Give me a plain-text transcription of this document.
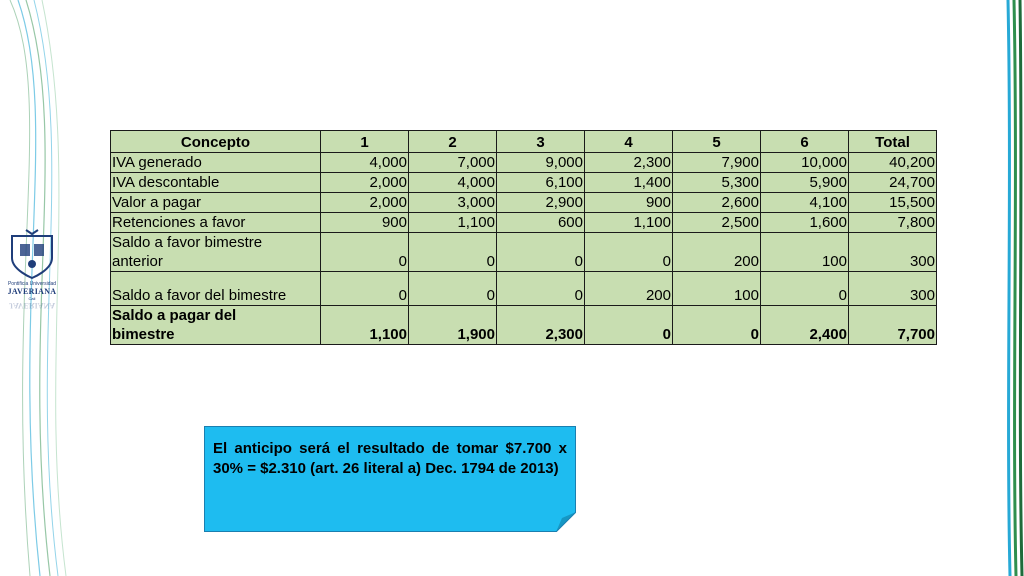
Pontificia Universidad
JAVERIANA
Cali
JAVERIANA
Concepto	1	2	3	4	5	6	Total
IVA generado	4,000	7,000	9,000	2,300	7,900	10,000	40,200
IVA descontable	2,000	4,000	6,100	1,400	5,300	5,900	24,700
Valor a pagar	2,000	3,000	2,900	900	2,600	4,100	15,500
Retenciones a favor	900	1,100	600	1,100	2,500	1,600	7,800
Saldo a favor bimestre
anterior	0	0	0	0	200	100	300
Saldo a favor del bimestre	0	0	0	200	100	0	300
Saldo a pagar del
bimestre	1,100	1,900	2,300	0	0	2,400	7,700
El anticipo será el resultado de tomar $7.700 x 30% = $2.310 (art. 26 literal a) Dec. 1794 de 2013)
